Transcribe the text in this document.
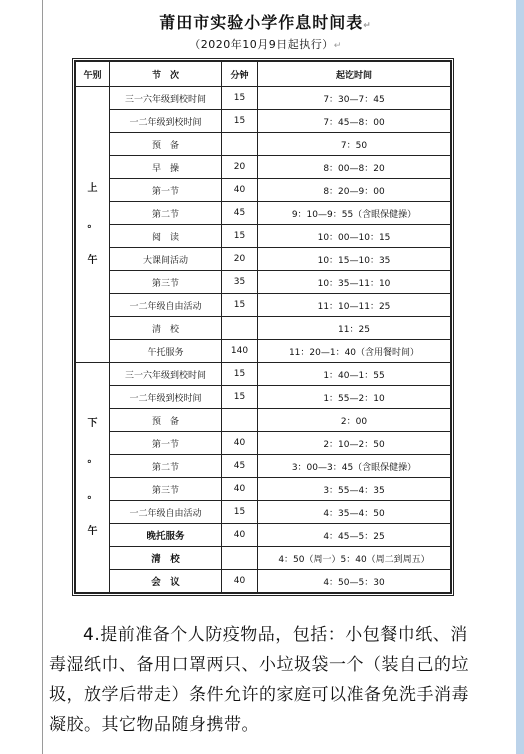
莆田市实验小学作息时间表↵
（2020年10月9日起执行）↵
午别	节　次	分钟	起讫时间

上
。
午	三一六年级到校时间	15	7：30—7：45
	一二年级到校时间	15	7：45—8：00
	预　备		7：50
	早　操	20	8：00—8：20
	第一节	40	8：20—9：00
	第二节	45	9：10—9：55（含眼保健操）
	阅　读	15	10：00—10：15
	大课间活动	20	10：15—10：35
	第三节	35	10：35—11：10
	一二年级自由活动	15	11：10—11：25
	清　校		11：25
	午托服务	140	11：20—1：40（含用餐时间）

下
。
。
午	三一六年级到校时间	15	1：40—1：55
	一二年级到校时间	15	1：55—2：10
	预　备		2：00
	第一节	40	2：10—2：50
	第二节	45	3：00—3：45（含眼保健操）
	第三节	40	3：55—4：35
	一二年级自由活动	15	4：35—4：50
	晚托服务	40	4：45—5：25
	清　校		4：50（周一）5：40（周二到周五）
	会　议	40	4：50—5：30
4.提前准备个人防疫物品，包括：小包餐巾纸、消毒湿纸巾、备用口罩两只、小垃圾袋一个（装自己的垃圾，放学后带走）条件允许的家庭可以准备免洗手消毒凝胶。其它物品随身携带。
